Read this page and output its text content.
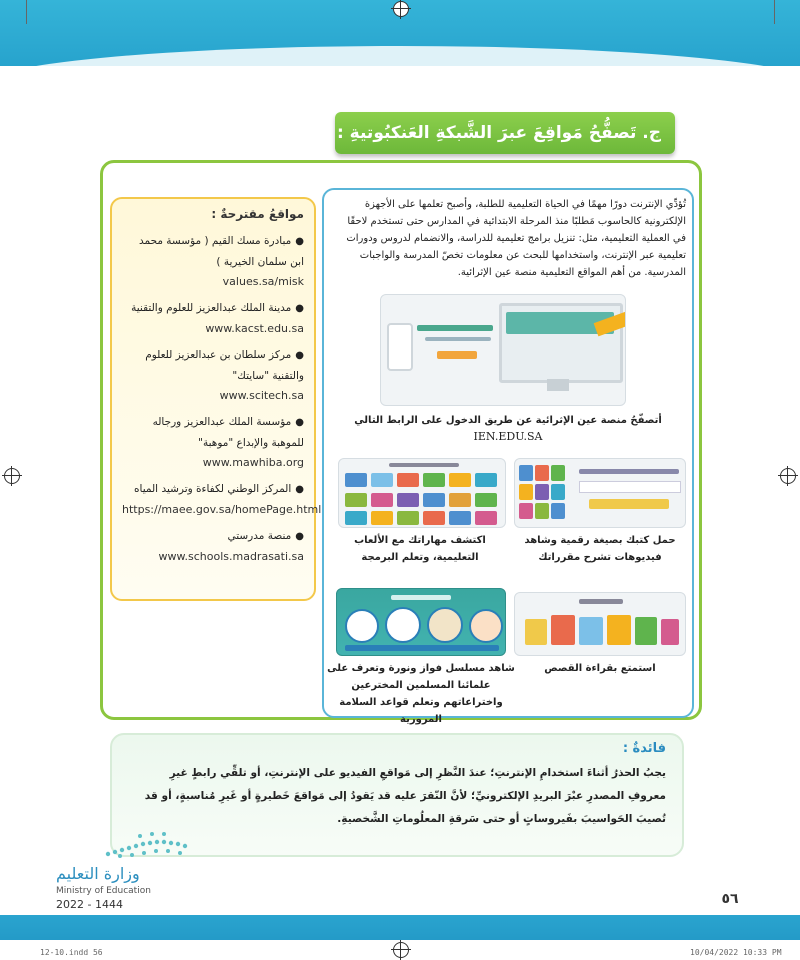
ج. تَصفُّحُ مَواقِعَ عبرَ الشَّبكةِ العَنكبُوتيةِ :
مواقعُ مقترحةٌ :
●مبادرة مسك القيم ( مؤسسة محمد ابن سلمان الخيرية )
values.sa/misk
●مدينة الملك عبدالعزيز للعلوم والتقنية
www.kacst.edu.sa
●مركز سلطان بن عبدالعزيز للعلوم والتقنية "سايتك"
www.scitech.sa
●مؤسسة الملك عبدالعزيز ورجاله للموهبة والإبداع "موهبة"
www.mawhiba.org
●المركز الوطني لكفاءة وترشيد المياه
https://maee.gov.sa/homePage.html
●منصة مدرستي
www.schools.madrasati.sa
تُؤدِّي الإنترنت دورًا مهمًا في الحياة التعليمية للطلبة، وأصبح تعلمها على الأجهزة الإلكترونية كالحاسوب مَطلبًا منذ المرحلة الابتدائية في المدارس حتى تستخدم لاحقًا في العملية التعليمية، مثل: تنزيل برامج تعليمية للدراسة، والانضمام لدروس ودورات تعليمية عبر الإنترنت، واستخدامها للبحث عن معلومات تخصّ المدرسة والواجبات المدرسية. من أهم المواقع التعليمية منصة عين الإثرائية.
أتصفّحُ منصة عين الإثرائية عن طريق الدخول على الرابط التالي
IEN.EDU.SA
حمل كتبك بصيغة رقمية وشاهد فيديوهات تشرح مقرراتك
اكتشف مهاراتك مع الألعاب التعليمية، وتعلم البرمجة
استمتع بقراءة القصص
شاهد مسلسل فواز ونورة وتعرف على علمائنا المسلمين المخترعين واختراعاتهم وتعلم قواعد السلامة المرورية
فائدةٌ :
يجبُ الحذرُ أثناءَ استخدامِ الإنترنتِ؛ عندَ النَّظرِ إلى مَواقعِ الفيديو على الإنترنتِ، أو تلقِّي رابطٍ غيرِ معروفِ المصدرِ عبْرَ البريدِ الإلكترونيِّ؛ لأنَّ النّقرَ عليه قد يَقودُ إلى مَواقعَ خَطيرةٍ أو غَيرِ مُناسبةٍ، أو قد تُصيبَ الحَواسيبَ بفَيروساتٍ أو حتى سَرقةِ المعلُوماتِ الشَّخصيةِ.
وزارة التعليم
Ministry of Education
2022 - 1444	٥٦
12-10.indd 56	10/04/2022 10:33 PM
